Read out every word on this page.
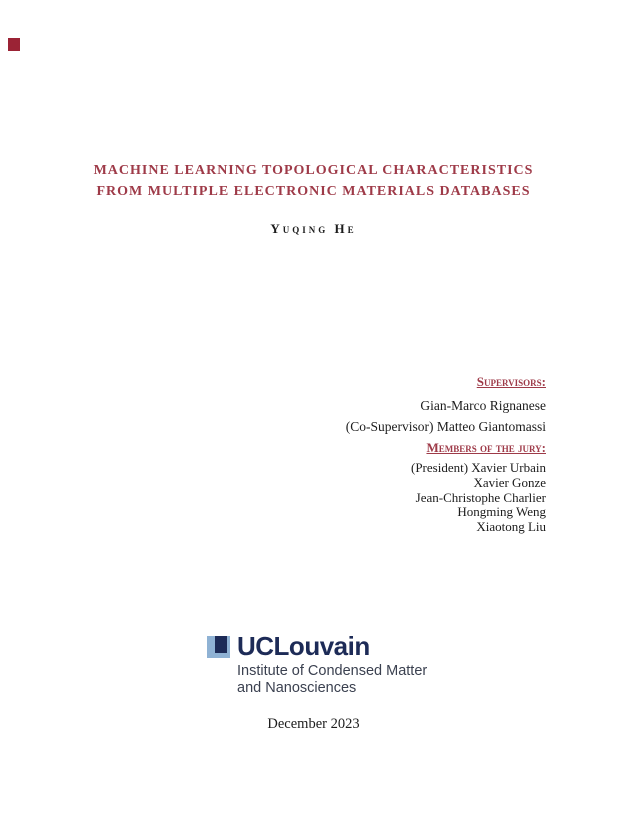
MACHINE LEARNING TOPOLOGICAL CHARACTERISTICS
FROM MULTIPLE ELECTRONIC MATERIALS DATABASES
Yuqing He
Supervisors:
Gian-Marco Rignanese
(Co-Supervisor) Matteo Giantomassi
Members of the jury:
(President) Xavier Urbain
Xavier Gonze
Jean-Christophe Charlier
Hongming Weng
Xiaotong Liu
UCLouvain
Institute of Condensed Matter
and Nanosciences
December 2023
